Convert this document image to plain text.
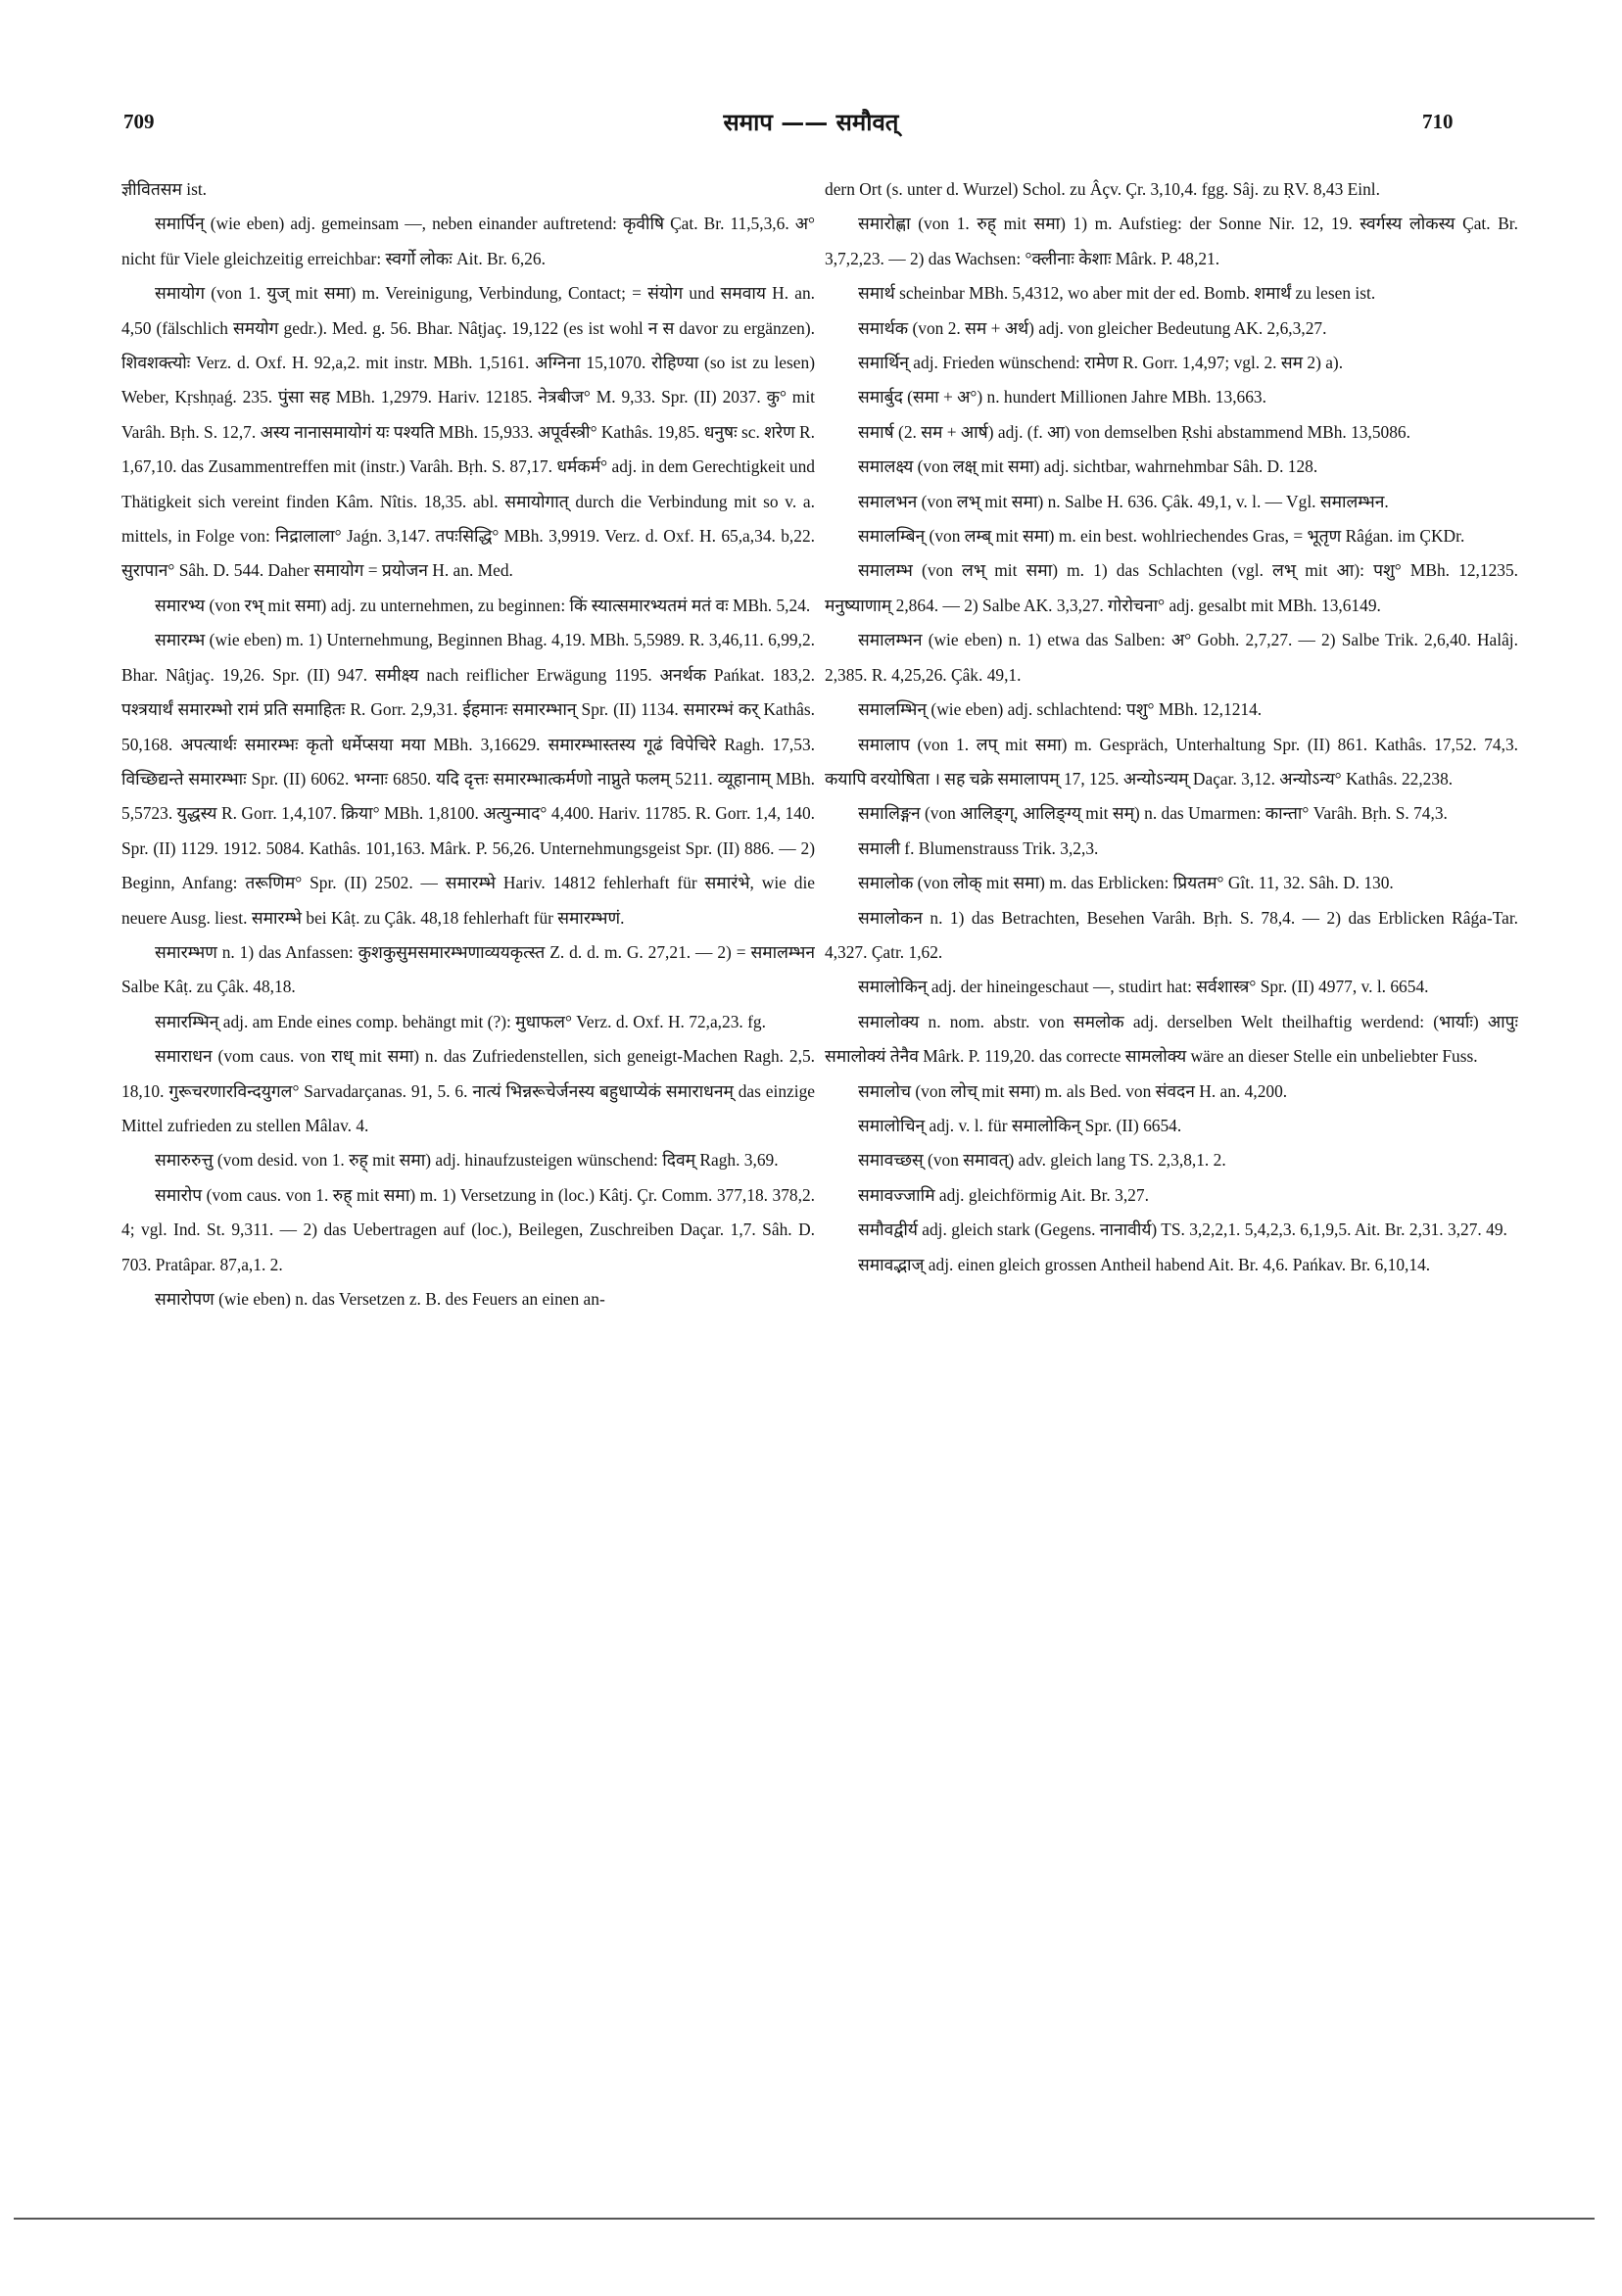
709	समाप —— समौवत्	710

ज्ञीवितसम ist.

समार्पिन् (wie eben) adj. gemeinsam —, neben einander auftretend: कृवीषि Çat. Br. 11,5,3,6. अ° nicht für Viele gleichzeitig erreichbar: स्वर्गो लोकः Ait. Br. 6,26.

समायोग (von 1. युज् mit समा) m. Vereinigung, Verbindung, Contact; = संयोग und समवाय H. an. 4,50 (fälschlich समयोग gedr.). Med. g. 56. Bhar. Nâṭjaç. 19,122 (es ist wohl न स davor zu ergänzen). शिवशक्त्योः Verz. d. Oxf. H. 92,a,2. mit instr. MBh. 1,5161. अग्निना 15,1070. रोहिण्या (so ist zu lesen) Weber, Kṛshṇaǵ. 235. पुंसा सह MBh. 1,2979. Hariv. 12185. नेत्रबीज° M. 9,33. Spr. (II) 2037. कु° mit Varâh. Bṛh. S. 12,7. अस्य नानासमायोगं यः पश्यति MBh. 15,933. अपूर्वस्त्री° Kathâs. 19,85. धनुषः sc. शरेण R. 1,67,10. das Zusammentreffen mit (instr.) Varâh. Bṛh. S. 87,17. धर्मकर्म° adj. in dem Gerechtigkeit und Thätigkeit sich vereint finden Kâm. Nîtis. 18,35. abl. समायोगात् durch die Verbindung mit so v. a. mittels, in Folge von: निद्रालाला° Jaǵn. 3,147. तपःसिद्धि° MBh. 3,9919. Verz. d. Oxf. H. 65,a,34. b,22. सुरापान° Sâh. D. 544. Daher समायोग = प्रयोजन H. an. Med.

समारभ्य (von रभ् mit समा) adj. zu unternehmen, zu beginnen: किं स्यात्समारभ्यतमं मतं वः MBh. 5,24.

समारम्भ (wie eben) m. 1) Unternehmung, Beginnen Bhag. 4,19. MBh. 5,5989. R. 3,46,11. 6,99,2. Bhar. Nâṭjaç. 19,26. Spr. (II) 947. समीक्ष्य nach reiflicher Erwägung 1195. अनर्थक Pańkat. 183,2. पश्त्रयार्थं समारम्भो रामं प्रति समाहितः R. Gorr. 2,9,31. ईहमानः समारम्भान् Spr. (II) 1134. समारम्भं कर् Kathâs. 50,168. अपत्यार्थः समारम्भः कृतो धर्मेप्सया मया MBh. 3,16629. समारम्भास्तस्य गूढं विपेचिरे Ragh. 17,53. विच्छिद्यन्ते समारम्भाः Spr. (II) 6062. भग्नाः 6850. यदि दृत्तः समारम्भात्कर्मणो नाप्नुते फलम् 5211. व्यूहानाम् MBh. 5,5723. युद्धस्य R. Gorr. 1,4,107. क्रिया° MBh. 1,8100. अत्युन्माद° 4,400. Hariv. 11785. R. Gorr. 1,4, 140. Spr. (II) 1129. 1912. 5084. Kathâs. 101,163. Mârk. P. 56,26. Unternehmungsgeist Spr. (II) 886. — 2) Beginn, Anfang: तरूणिम° Spr. (II) 2502. — समारम्भे Hariv. 14812 fehlerhaft für समारंभे, wie die neuere Ausg. liest. समारम्भे bei Kâṭ. zu Çâk. 48,18 fehlerhaft für समारम्भणं.

समारम्भण n. 1) das Anfassen: कुशकुसुमसमारम्भणाव्ययकृत्स्त Z. d. d. m. G. 27,21. — 2) = समालम्भन Salbe Kâṭ. zu Çâk. 48,18.

समारम्भिन् adj. am Ende eines comp. behängt mit (?): मुधाफल° Verz. d. Oxf. H. 72,a,23. fg.

समाराधन (vom caus. von राध् mit समा) n. das Zufriedenstellen, sich geneigt-Machen Ragh. 2,5. 18,10. गुरूचरणारविन्दयुगल° Sarvadarçanas. 91, 5. 6. नात्यं भिन्नरूचेर्जनस्य बहुधाप्येकं समाराधनम् das einzige Mittel zufrieden zu stellen Mâlav. 4.

समारुरुत्तु (vom desid. von 1. रुह् mit समा) adj. hinaufzusteigen wünschend: दिवम् Ragh. 3,69.

समारोप (vom caus. von 1. रुह् mit समा) m. 1) Versetzung in (loc.) Kâtj. Çr. Comm. 377,18. 378,2. 4; vgl. Ind. St. 9,311. — 2) das Uebertragen auf (loc.), Beilegen, Zuschreiben Daçar. 1,7. Sâh. D. 703. Pratâpar. 87,a,1. 2.

समारोपण (wie eben) n. das Versetzen z. B. des Feuers an einen an-

dern Ort (s. unter d. Wurzel) Schol. zu Âçv. Çr. 3,10,4. fgg. Sâj. zu ṚV. 8,43 Einl.

समारोह्णा (von 1. रुह् mit समा) 1) m. Aufstieg: der Sonne Nir. 12, 19. स्वर्गस्य लोकस्य Çat. Br. 3,7,2,23. — 2) das Wachsen: °क्लीनाः केशाः Mârk. P. 48,21.

समार्थ scheinbar MBh. 5,4312, wo aber mit der ed. Bomb. शमार्थं zu lesen ist.

समार्थक (von 2. सम + अर्थ) adj. von gleicher Bedeutung AK. 2,6,3,27.

समार्थिन् adj. Frieden wünschend: रामेण R. Gorr. 1,4,97; vgl. 2. सम 2) a).

समार्बुद (समा + अ°) n. hundert Millionen Jahre MBh. 13,663.

समार्ष (2. सम + आर्ष) adj. (f. आ) von demselben Ṛshi abstammend MBh. 13,5086.

समालक्ष्य (von लक्ष् mit समा) adj. sichtbar, wahrnehmbar Sâh. D. 128.

समालभन (von लभ् mit समा) n. Salbe H. 636. Çâk. 49,1, v. l. — Vgl. समालम्भन.

समालम्बिन् (von लम्ब् mit समा) m. ein best. wohlriechendes Gras, = भूतृण Râǵan. im ÇKDr.

समालम्भ (von लभ् mit समा) m. 1) das Schlachten (vgl. लभ् mit आ): पशु° MBh. 12,1235. मनुष्याणाम् 2,864. — 2) Salbe AK. 3,3,27. गोरोचना° adj. gesalbt mit MBh. 13,6149.

समालम्भन (wie eben) n. 1) etwa das Salben: अ° Gobh. 2,7,27. — 2) Salbe Trik. 2,6,40. Halâj. 2,385. R. 4,25,26. Çâk. 49,1.

समालम्भिन् (wie eben) adj. schlachtend: पशु° MBh. 12,1214.

समालाप (von 1. लप् mit समा) m. Gespräch, Unterhaltung Spr. (II) 861. Kathâs. 17,52. 74,3. कयापि वरयोषिता । सह चक्रे समालापम् 17, 125. अन्योऽन्यम् Daçar. 3,12. अन्योऽन्य° Kathâs. 22,238.

समालिङ्गन (von आलिङ्ग्, आलिङ्ग्य् mit सम्) n. das Umarmen: कान्ता° Varâh. Bṛh. S. 74,3.

समाली f. Blumenstrauss Trik. 3,2,3.

समालोक (von लोक् mit समा) m. das Erblicken: प्रियतम° Gît. 11, 32. Sâh. D. 130.

समालोकन n. 1) das Betrachten, Besehen Varâh. Bṛh. S. 78,4. — 2) das Erblicken Râǵa-Tar. 4,327. Çatr. 1,62.

समालोकिन् adj. der hineingeschaut —, studirt hat: सर्वशास्त्र° Spr. (II) 4977, v. l. 6654.

समालोक्य n. nom. abstr. von समलोक adj. derselben Welt theilhaftig werdend: (भार्याः) आपुः समालोक्यं तेनैव Mârk. P. 119,20. das correcte सामलोक्य wäre an dieser Stelle ein unbeliebter Fuss.

समालोच (von लोच् mit समा) m. als Bed. von संवदन H. an. 4,200.

समालोचिन् adj. v. l. für समालोकिन् Spr. (II) 6654.

समावच्छस् (von समावत्) adv. gleich lang TS. 2,3,8,1. 2.

समावज्जामि adj. gleichförmig Ait. Br. 3,27.

समौवद्वीर्य adj. gleich stark (Gegens. नानावीर्य) TS. 3,2,2,1. 5,4,2,3. 6,1,9,5. Ait. Br. 2,31. 3,27. 49.

समावद्भाज् adj. einen gleich grossen Antheil habend Ait. Br. 4,6. Pańkav. Br. 6,10,14.
